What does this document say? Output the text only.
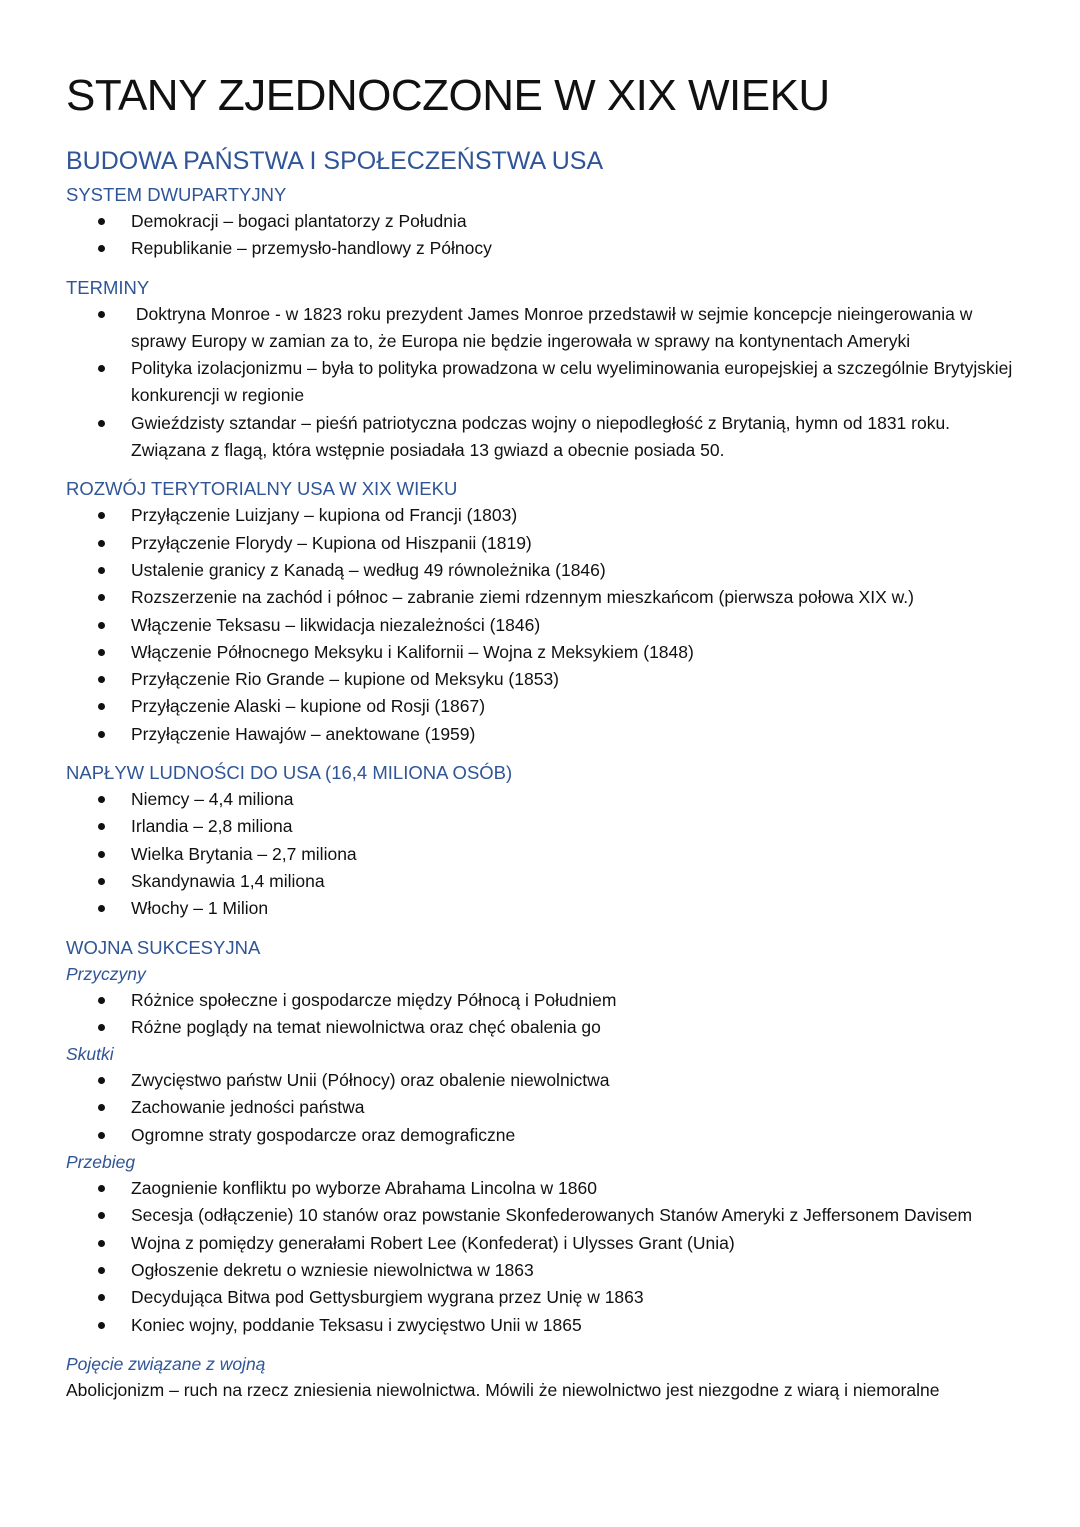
STANY ZJEDNOCZONE W XIX WIEKU
BUDOWA PAŃSTWA I SPOŁECZEŃSTWA USA
SYSTEM DWUPARTYJNY
Demokracji – bogaci plantatorzy z Południa
Republikanie – przemysło-handlowy z Północy
TERMINY
Doktryna Monroe - w 1823 roku prezydent James Monroe przedstawił w sejmie koncepcje nieingerowania w sprawy Europy w zamian za to, że Europa nie będzie ingerowała w sprawy na kontynentach Ameryki
Polityka izolacjonizmu – była to polityka prowadzona w celu wyeliminowania europejskiej a szczególnie Brytyjskiej konkurencji w regionie
Gwieździsty sztandar – pieśń patriotyczna podczas wojny o niepodległość z Brytanią, hymn od 1831 roku. Związana z flagą, która wstępnie posiadała 13 gwiazd a obecnie posiada 50.
ROZWÓJ TERYTORIALNY USA W XIX WIEKU
Przyłączenie Luizjany – kupiona od Francji (1803)
Przyłączenie Florydy – Kupiona od Hiszpanii (1819)
Ustalenie granicy z Kanadą – według 49 równoleżnika (1846)
Rozszerzenie na zachód i północ – zabranie ziemi rdzennym mieszkańcom (pierwsza połowa XIX w.)
Włączenie Teksasu – likwidacja niezależności (1846)
Włączenie Północnego Meksyku i Kalifornii – Wojna z Meksykiem (1848)
Przyłączenie Rio Grande – kupione od Meksyku (1853)
Przyłączenie Alaski – kupione od Rosji (1867)
Przyłączenie Hawajów – anektowane (1959)
NAPŁYW LUDNOŚCI DO USA (16,4 MILIONA OSÓB)
Niemcy – 4,4 miliona
Irlandia – 2,8 miliona
Wielka Brytania – 2,7 miliona
Skandynawia 1,4 miliona
Włochy – 1 Milion
WOJNA SUKCESYJNA
Przyczyny
Różnice społeczne i gospodarcze między Północą i Południem
Różne poglądy na temat niewolnictwa oraz chęć obalenia go
Skutki
Zwycięstwo państw Unii (Północy) oraz obalenie niewolnictwa
Zachowanie jedności państwa
Ogromne straty gospodarcze oraz demograficzne
Przebieg
Zaognienie konfliktu po wyborze Abrahama Lincolna w 1860
Secesja (odłączenie) 10 stanów oraz powstanie Skonfederowanych Stanów Ameryki z Jeffersonem Davisem
Wojna z pomiędzy generałami Robert Lee (Konfederat) i Ulysses Grant (Unia)
Ogłoszenie dekretu o wzniesie niewolnictwa w 1863
Decydująca Bitwa pod Gettysburgiem wygrana przez Unię w 1863
Koniec wojny, poddanie Teksasu i zwycięstwo Unii w 1865
Pojęcie związane z wojną

Abolicjonizm – ruch na rzecz zniesienia niewolnictwa. Mówili że niewolnictwo jest niezgodne z wiarą i niemoralne
